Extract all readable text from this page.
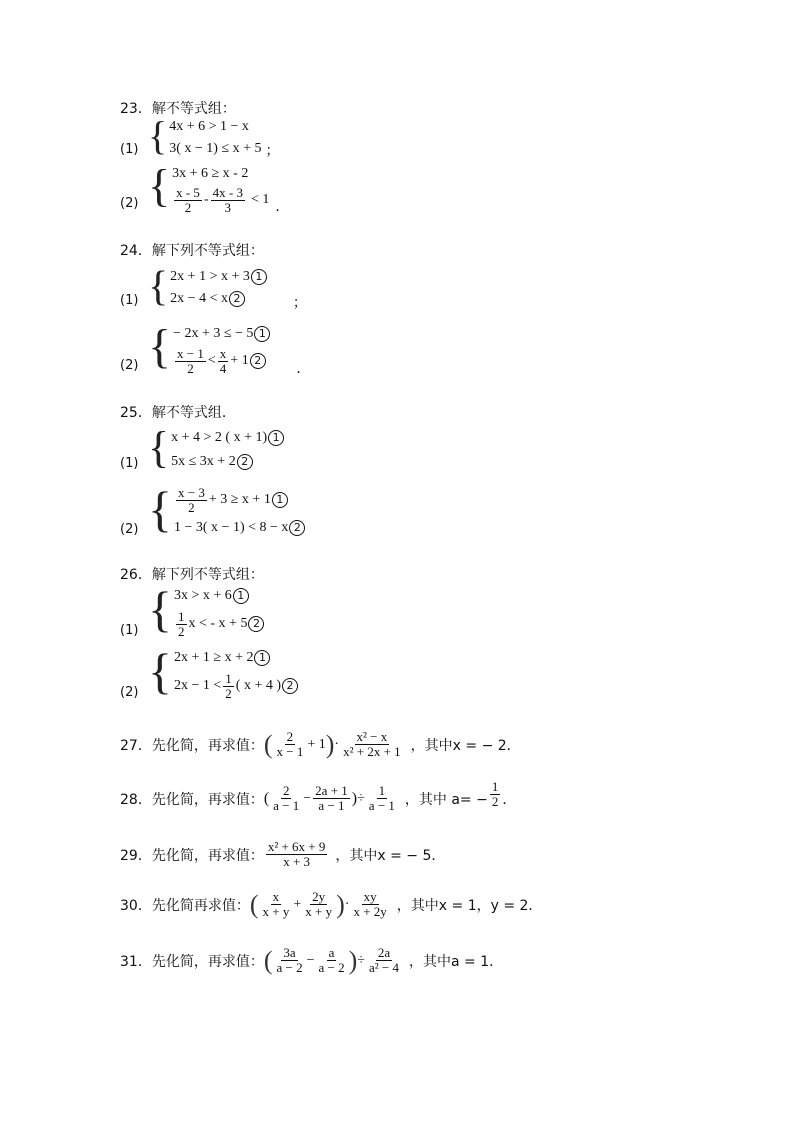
23．解不等式组：
(1) { 4x + 6 > 1 − x
3( x − 1) ≤ x + 5 ；
(2) { 3x + 6 ≥ x - 2
$\frac{x - 5}{2} - \frac{4x - 3}{3} < 1$
．
24．解下列不等式组：
(1) { 2x + 1 > x + 3 1
2x − 4 < x 2	；
(2) { − 2x + 3 ≤ − 5 1
$\frac{x - 1}{2} < \frac{x}{4} + 1$ 2
．
25．解不等式组．
(1) { x + 4 > 2 ( x + 1) 1
5x ≤ 3x + 2 2
(2) { $\frac{x - 3}{2} + 3 \ge x + 1$ 1
1 − 3( x − 1) < 8 − x 2
26．解下列不等式组：
(1) { 3x > x + 6 1
$\frac{1}{2}$ x < - x + 5 2
(2) { 2x + 1 ≥ x + 2 1
$2x - 1 < \frac{1}{2}$ ( x + 4 ) 2
27．先化简，再求值： ( $\frac{2}{x - 1} + 1$ ) · $\frac{\text{x² − x}}{\text{x² + 2x + 1}}$ ，其中x = − 2．
28．先化简，再求值： ( $\frac{2}{a - 1} - \frac{2a + 1}{a - 1}$ ) ÷ $\frac{1}{a - 1}$ ，其中 $a= - \frac{1}{2}$ ．
29．先化简，再求值： $\frac{\text{x² + 6x + 9}}{x + 3}$ ，其中x = − 5．
30．先化简再求值： ( $\frac{x}{x + y} + \frac{2y}{x + y}$ ) · $\frac{xy}{x + 2y}$ ，其中x = 1，y = 2．
31．先化简，再求值： ( $\frac{3a}{a - 2} - \frac{a}{a - 2}$ ) ÷ $\frac{2a}{\text{a² − 4}}$ ，其中a = 1．
